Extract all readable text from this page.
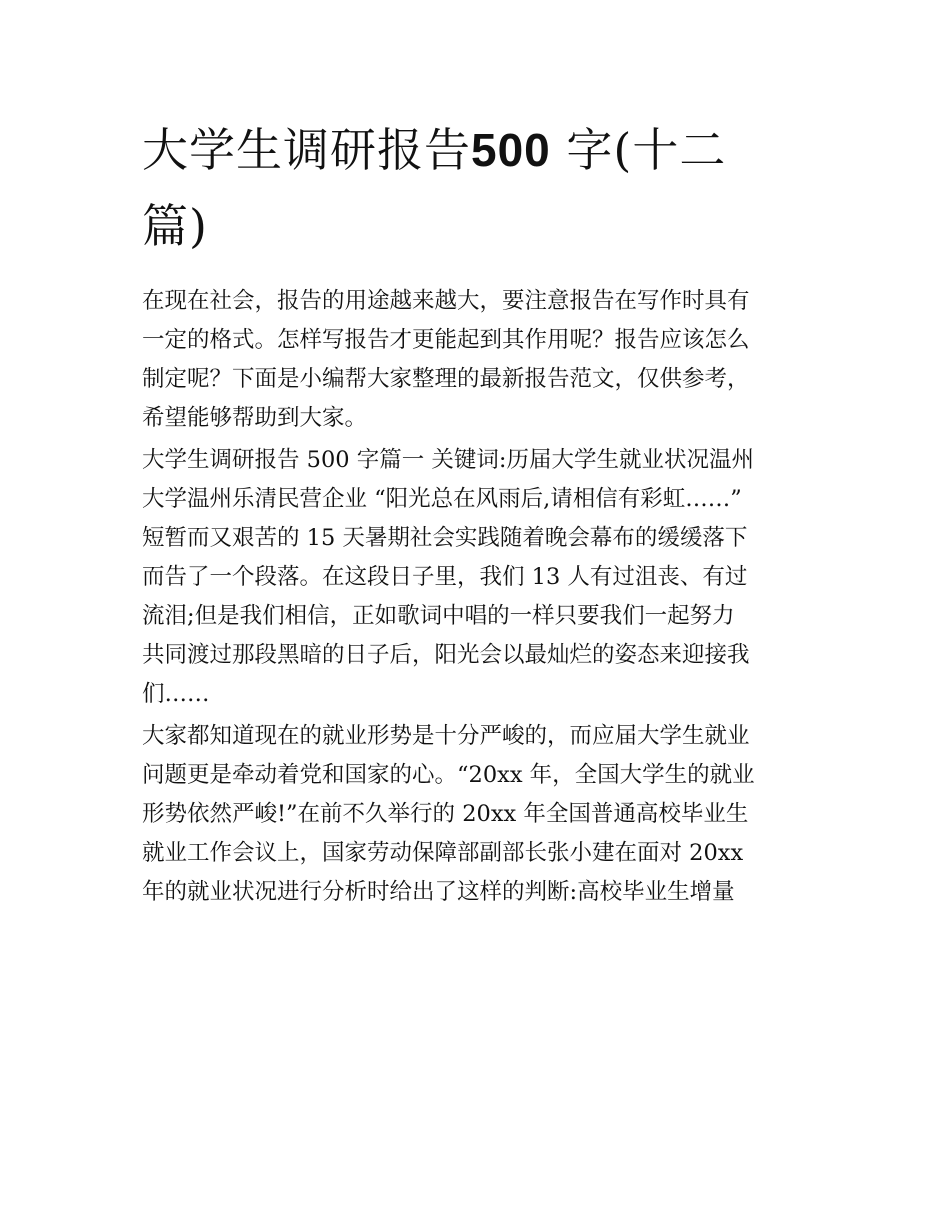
大学生调研报告500 字(十二
篇)
在现在社会，报告的用途越来越大，要注意报告在写作时具有
一定的格式。怎样写报告才更能起到其作用呢？报告应该怎么
制定呢？下面是小编帮大家整理的最新报告范文，仅供参考，
希望能够帮助到大家。
大学生调研报告 500 字篇一 关键词:历届大学生就业状况温州
大学温州乐清民营企业 “阳光总在风雨后,请相信有彩虹……”
短暂而又艰苦的 15 天暑期社会实践随着晚会幕布的缓缓落下
而告了一个段落。在这段日子里，我们 13 人有过沮丧、有过
流泪;但是我们相信，正如歌词中唱的一样只要我们一起努力
共同渡过那段黑暗的日子后，阳光会以最灿烂的姿态来迎接我
们……
大家都知道现在的就业形势是十分严峻的，而应届大学生就业
问题更是牵动着党和国家的心。“20xx 年，全国大学生的就业
形势依然严峻!”在前不久举行的 20xx 年全国普通高校毕业生
就业工作会议上，国家劳动保障部副部长张小建在面对 20xx
年的就业状况进行分析时给出了这样的判断:高校毕业生增量
